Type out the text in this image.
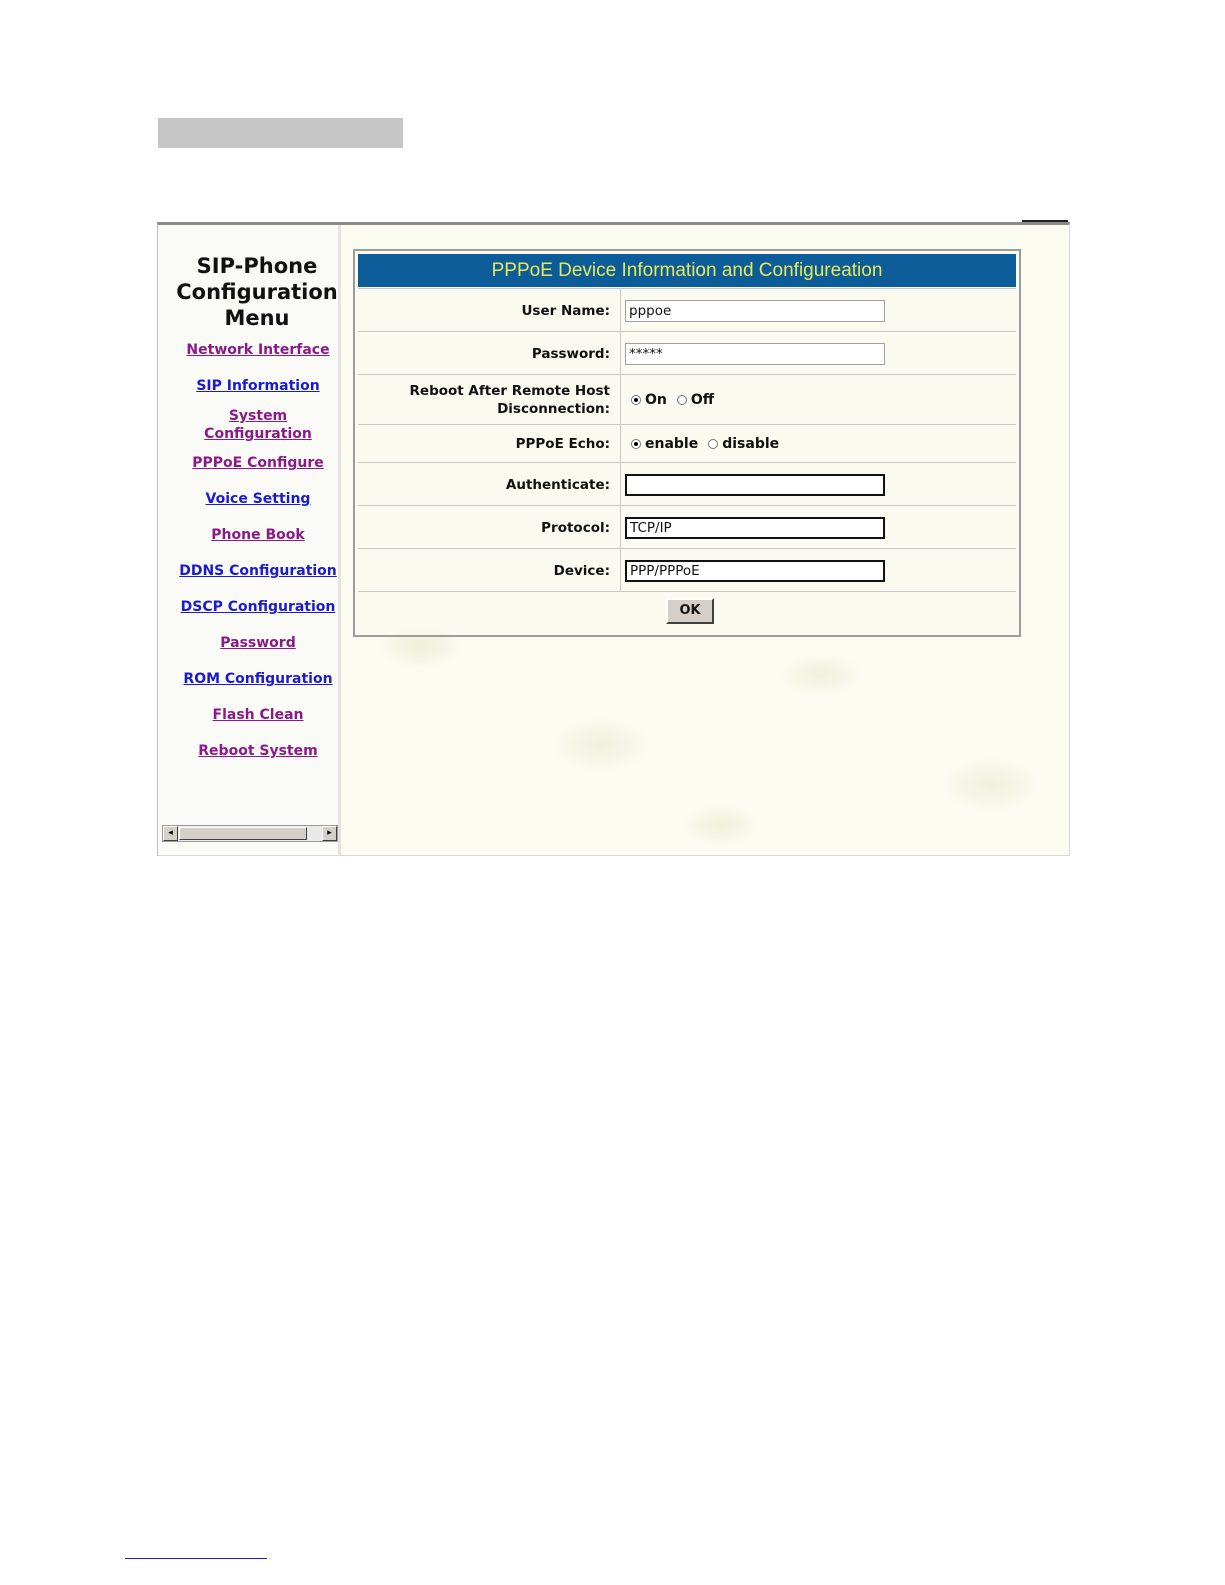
SIP-Phone
Configuration
Menu
Network Interface
SIP Information
System
Configuration
PPPoE Configure
Voice Setting
Phone Book
DDNS Configuration
DSCP Configuration
Password
ROM Configuration
Flash Clean
Reboot System
◂	▸
PPPoE Device Information and Configureation
User Name:
pppoe
Password:
*****
Reboot After Remote Host
Disconnection:
On Off
PPPoE Echo:	enable disable
Authenticate:
Protocol:
TCP/IP
Device:
PPP/PPPoE
OK
